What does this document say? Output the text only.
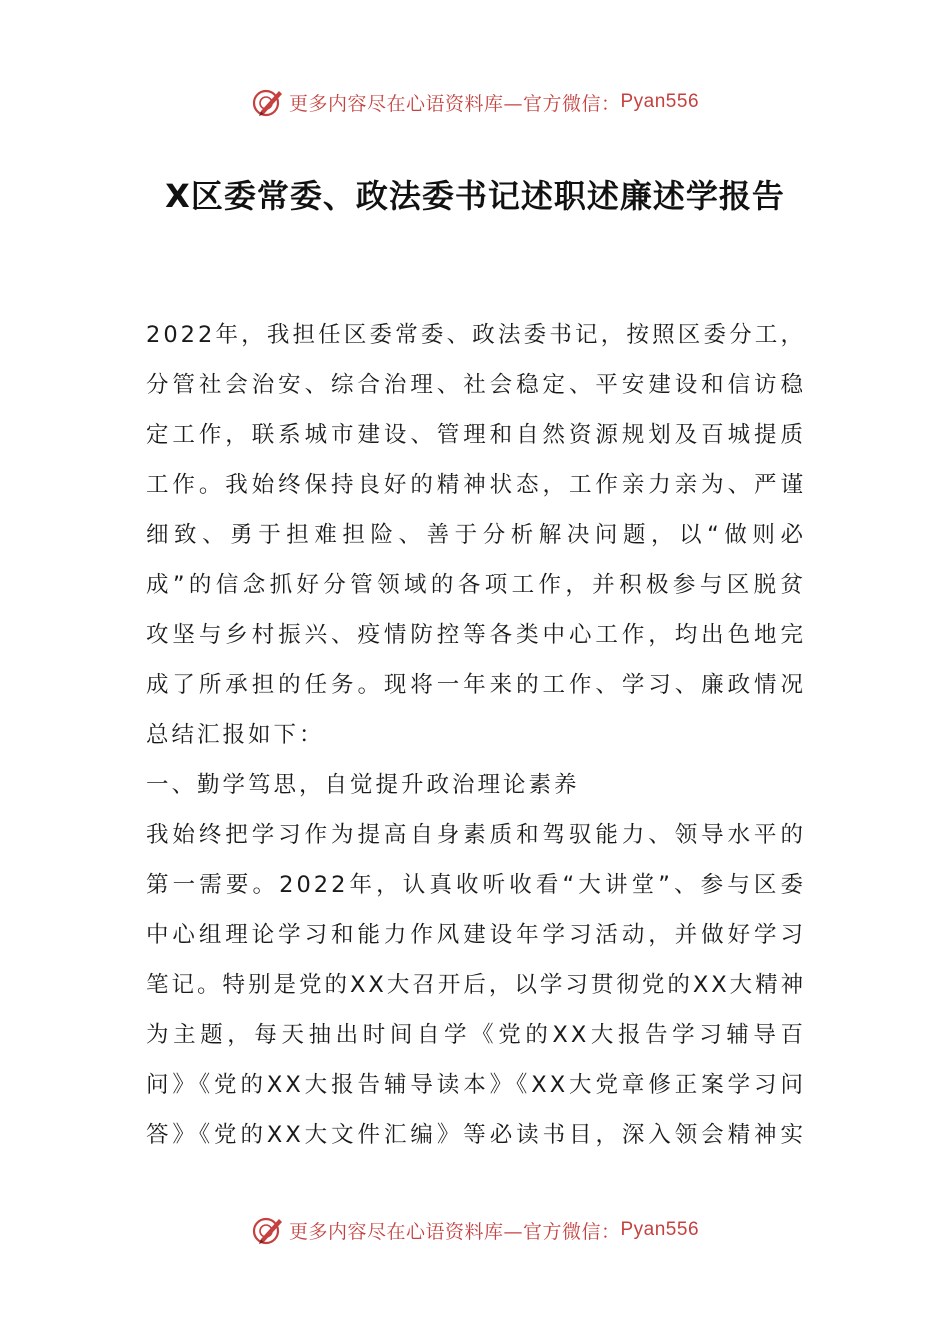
更多内容尽在心语资料库—官方微信： Pyan556
X区委常委、政法委书记述职述廉述学报告
2022年，我担任区委常委、政法委书记，按照区委分工，
分管社会治安、综合治理、社会稳定、平安建设和信访稳
定工作，联系城市建设、管理和自然资源规划及百城提质
工作。我始终保持良好的精神状态，工作亲力亲为、严谨
细致、勇于担难担险、善于分析解决问题，以“做则必
成”的信念抓好分管领域的各项工作，并积极参与区脱贫
攻坚与乡村振兴、疫情防控等各类中心工作，均出色地完
成了所承担的任务。现将一年来的工作、学习、廉政情况
总结汇报如下：
一、勤学笃思，自觉提升政治理论素养
我始终把学习作为提高自身素质和驾驭能力、领导水平的
第一需要。2022年，认真收听收看“大讲堂”、参与区委
中心组理论学习和能力作风建设年学习活动，并做好学习
笔记。特别是党的XX大召开后，以学习贯彻党的XX大精神
为主题，每天抽出时间自学《党的XX大报告学习辅导百
问》《党的XX大报告辅导读本》《XX大党章修正案学习问
答》《党的XX大文件汇编》等必读书目，深入领会精神实
更多内容尽在心语资料库—官方微信： Pyan556
